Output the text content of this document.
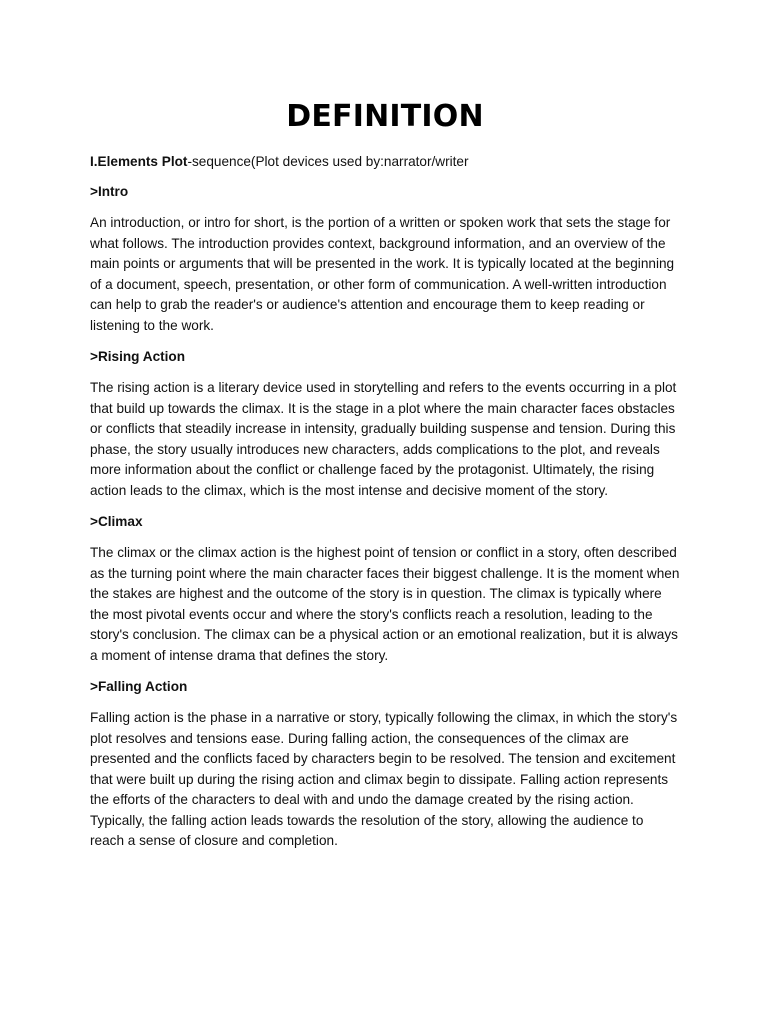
DEFINITION

I.Elements Plot-sequence(Plot devices used by:narrator/writer

>Intro

An introduction, or intro for short, is the portion of a written or spoken work that sets the stage for what follows. The introduction provides context, background information, and an overview of the main points or arguments that will be presented in the work. It is typically located at the beginning of a document, speech, presentation, or other form of communication. A well-written introduction can help to grab the reader's or audience's attention and encourage them to keep reading or listening to the work.

>Rising Action

The rising action is a literary device used in storytelling and refers to the events occurring in a plot that build up towards the climax. It is the stage in a plot where the main character faces obstacles or conflicts that steadily increase in intensity, gradually building suspense and tension. During this phase, the story usually introduces new characters, adds complications to the plot, and reveals more information about the conflict or challenge faced by the protagonist. Ultimately, the rising action leads to the climax, which is the most intense and decisive moment of the story.

>Climax

The climax or the climax action is the highest point of tension or conflict in a story, often described as the turning point where the main character faces their biggest challenge. It is the moment when the stakes are highest and the outcome of the story is in question. The climax is typically where the most pivotal events occur and where the story's conflicts reach a resolution, leading to the story's conclusion. The climax can be a physical action or an emotional realization, but it is always a moment of intense drama that defines the story.

>Falling Action

Falling action is the phase in a narrative or story, typically following the climax, in which the story's plot resolves and tensions ease. During falling action, the consequences of the climax are presented and the conflicts faced by characters begin to be resolved. The tension and excitement that were built up during the rising action and climax begin to dissipate. Falling action represents the efforts of the characters to deal with and undo the damage created by the rising action. Typically, the falling action leads towards the resolution of the story, allowing the audience to reach a sense of closure and completion.
